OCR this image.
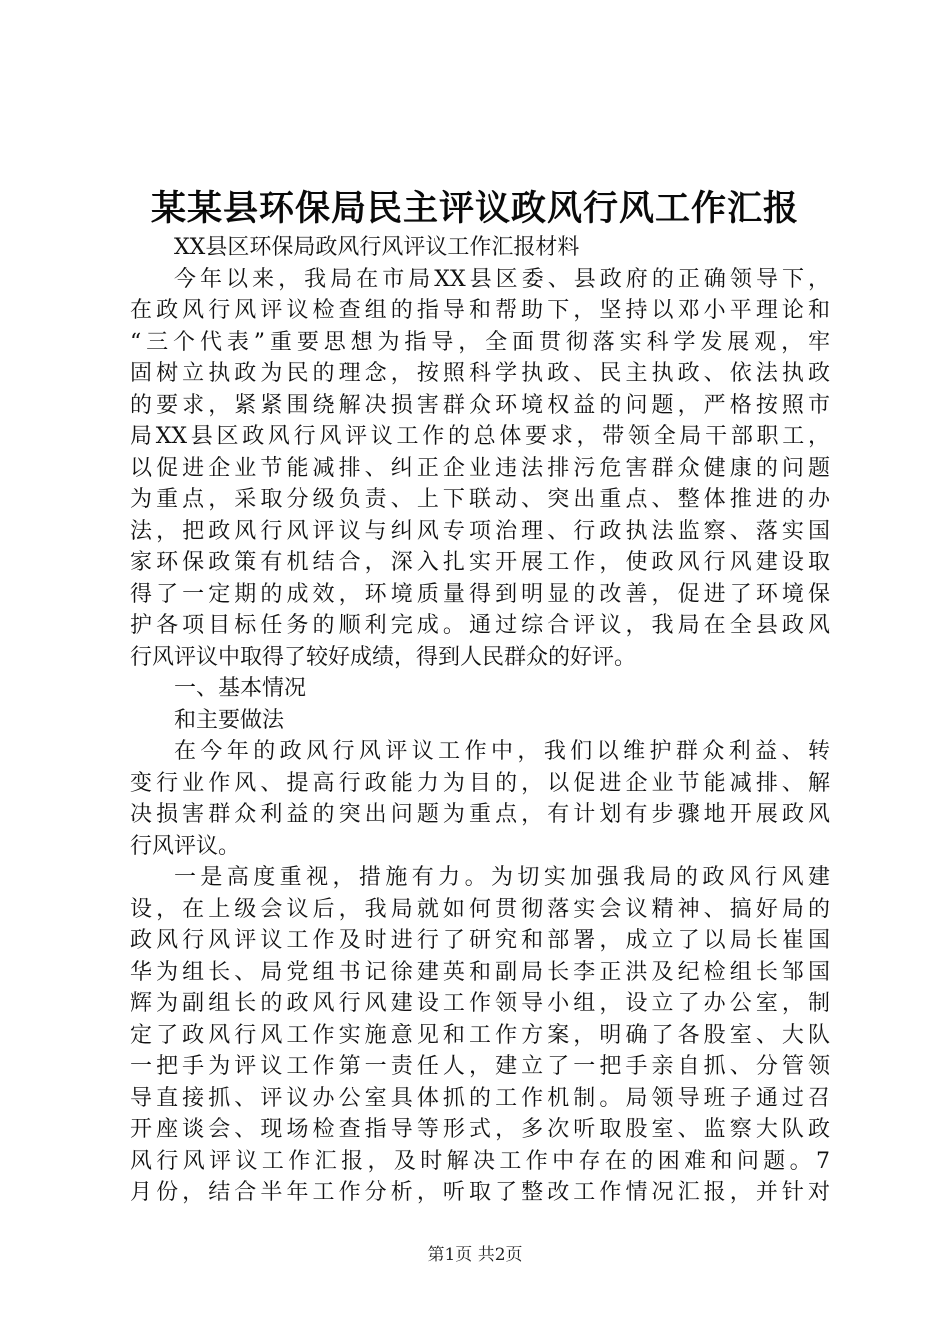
某某县环保局民主评议政风行风工作汇报
XX县区环保局政风行风评议工作汇报材料
今年以来，我局在市局XX县区委、县政府的正确领导下，
在政风行风评议检查组的指导和帮助下，坚持以邓小平理论和
“三个代表”重要思想为指导，全面贯彻落实科学发展观，牢
固树立执政为民的理念，按照科学执政、民主执政、依法执政
的要求，紧紧围绕解决损害群众环境权益的问题，严格按照市
局XX县区政风行风评议工作的总体要求，带领全局干部职工，
以促进企业节能减排、纠正企业违法排污危害群众健康的问题
为重点，采取分级负责、上下联动、突出重点、整体推进的办
法，把政风行风评议与纠风专项治理、行政执法监察、落实国
家环保政策有机结合，深入扎实开展工作，使政风行风建设取
得了一定期的成效，环境质量得到明显的改善，促进了环境保
护各项目标任务的顺利完成。通过综合评议，我局在全县政风
行风评议中取得了较好成绩，得到人民群众的好评。
一、基本情况
和主要做法
在今年的政风行风评议工作中，我们以维护群众利益、转
变行业作风、提高行政能力为目的，以促进企业节能减排、解
决损害群众利益的突出问题为重点，有计划有步骤地开展政风
行风评议。
一是高度重视，措施有力。为切实加强我局的政风行风建
设，在上级会议后，我局就如何贯彻落实会议精神、搞好局的
政风行风评议工作及时进行了研究和部署，成立了以局长崔国
华为组长、局党组书记徐建英和副局长李正洪及纪检组长邹国
辉为副组长的政风行风建设工作领导小组，设立了办公室，制
定了政风行风工作实施意见和工作方案，明确了各股室、大队
一把手为评议工作第一责任人，建立了一把手亲自抓、分管领
导直接抓、评议办公室具体抓的工作机制。局领导班子通过召
开座谈会、现场检查指导等形式，多次听取股室、监察大队政
风行风评议工作汇报，及时解决工作中存在的困难和问题。7
月份，结合半年工作分析，听取了整改工作情况汇报，并针对
第1页 共2页
